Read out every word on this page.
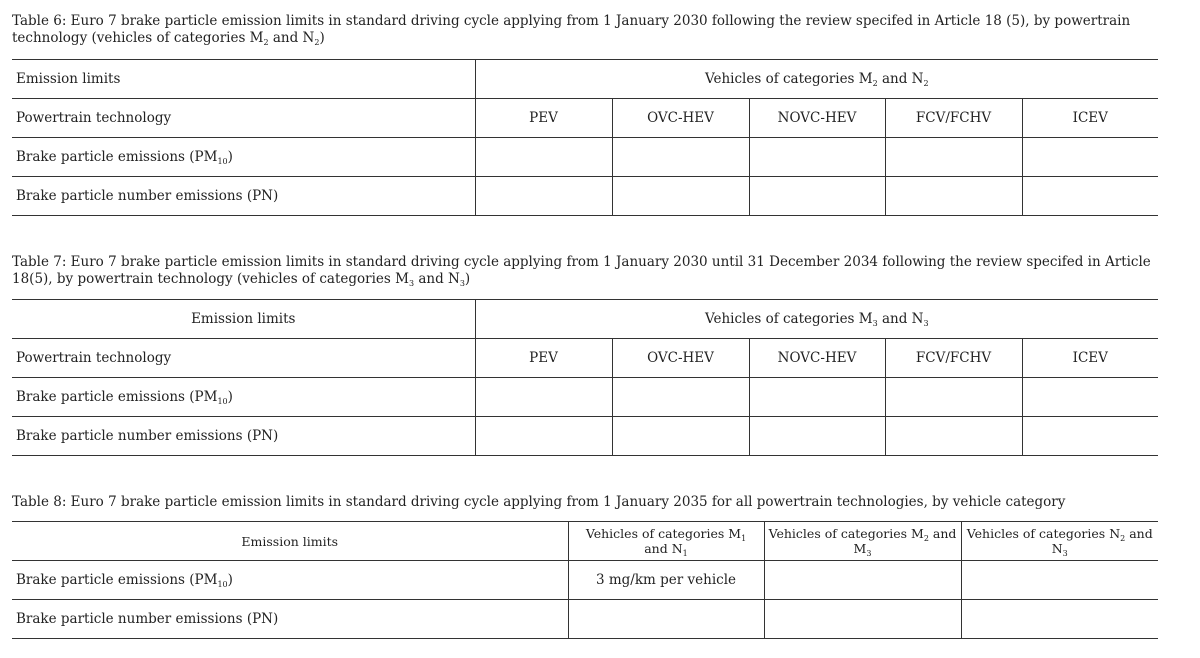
Table 6: Euro 7 brake particle emission limits in standard driving cycle applying from 1 January 2030 following the review specifed in Article 18 (5), by powertrain technology (vehicles of categories $M_2$ and $N_2$)

Emission limits	Vehicles of categories $M_2$ and $N_2$
Powertrain technology	PEV	OVC-HEV	NOVC-HEV	FCV/FCHV	ICEV
Brake particle emissions $(PM_{10})$					
Brake particle number emissions (PN)					

Table 7: Euro 7 brake particle emission limits in standard driving cycle applying from 1 January 2030 until 31 December 2034 following the review specifed in Article 18(5), by powertrain technology (vehicles of categories $M_3$ and $N_3$)

Emission limits	Vehicles of categories $M_3$ and $N_3$
Powertrain technology	PEV	OVC-HEV	NOVC-HEV	FCV/FCHV	ICEV
Brake particle emissions $(PM_{10})$					
Brake particle number emissions (PN)					

Table 8: Euro 7 brake particle emission limits in standard driving cycle applying from 1 January 2035 for all powertrain technologies, by vehicle category

Emission limits	Vehicles of categories $M_1$ and $N_1$	Vehicles of categories $M_2$ and $M_3$	Vehicles of categories $N_2$ and $N_3$
Brake particle emissions $(PM_{10})$	3 mg/km per vehicle		
Brake particle number emissions (PN)			
